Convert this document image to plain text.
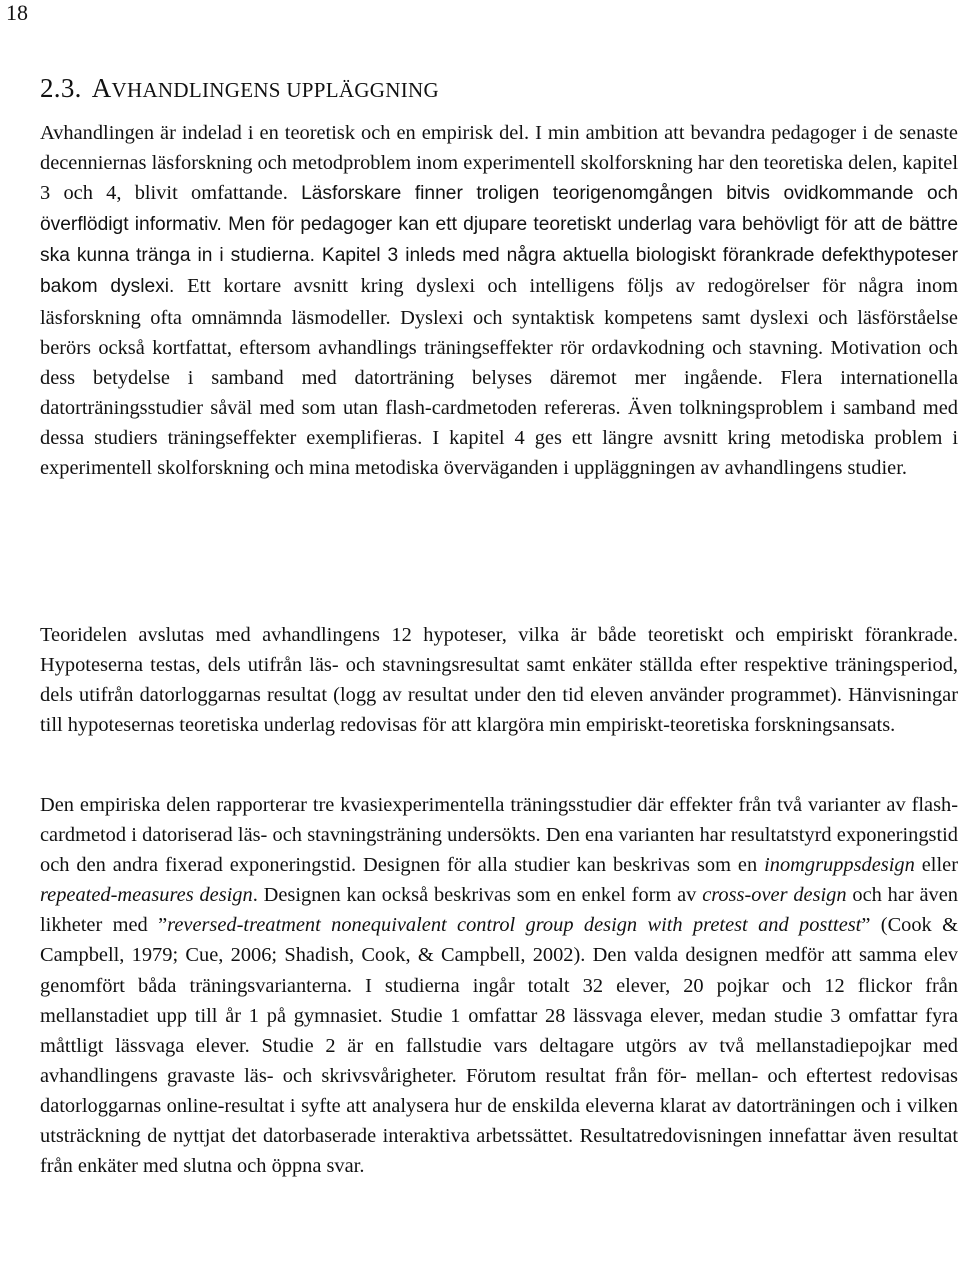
18
2.3. AVHANDLINGENS UPPLÄGGNING

Avhandlingen är indelad i en teoretisk och en empirisk del. I min ambition att bevandra pedagoger i de senaste decenniernas läsforskning och metodproblem inom experimentell skolforskning har den teoretiska delen, kapitel 3 och 4, blivit omfattande. Läsforskare finner troligen teorigenomgången bitvis ovidkommande och överflödigt informativ. Men för pedagoger kan ett djupare teoretiskt underlag vara behövligt för att de bättre ska kunna tränga in i studierna. Kapitel 3 inleds med några aktuella biologiskt förankrade defekthypoteser bakom dyslexi. Ett kortare avsnitt kring dyslexi och intelligens följs av redogörelser för några inom läsforskning ofta omnämnda läsmodeller. Dyslexi och syntaktisk kompetens samt dyslexi och läsförståelse berörs också kortfattat, eftersom avhandlings träningseffekter rör ordavkodning och stavning. Motivation och dess betydelse i samband med datorträning belyses däremot mer ingående. Flera internationella datorträningsstudier såväl med som utan flash-cardmetoden refereras. Även tolkningsproblem i samband med dessa studiers träningseffekter exemplifieras. I kapitel 4 ges ett längre avsnitt kring metodiska problem i experimentell skolforskning och mina metodiska överväganden i uppläggningen av avhandlingens studier.

Teoridelen avslutas med avhandlingens 12 hypoteser, vilka är både teoretiskt och empiriskt förankrade. Hypoteserna testas, dels utifrån läs- och stavningsresultat samt enkäter ställda efter respektive träningsperiod, dels utifrån datorloggarnas resultat (logg av resultat under den tid eleven använder programmet). Hänvisningar till hypotesernas teoretiska underlag redovisas för att klargöra min empiriskt-teoretiska forskningsansats.

Den empiriska delen rapporterar tre kvasiexperimentella träningsstudier där effekter från två varianter av flash-cardmetod i datoriserad läs- och stavningsträning undersökts. Den ena varianten har resultatstyrd exponeringstid och den andra fixerad exponeringstid. Designen för alla studier kan beskrivas som en inomgruppsdesign eller repeated-measures design. Designen kan också beskrivas som en enkel form av cross-over design och har även likheter med ”reversed-treatment nonequivalent control group design with pretest and posttest” (Cook & Campbell, 1979; Cue, 2006; Shadish, Cook, & Campbell, 2002). Den valda designen medför att samma elev genomfört båda träningsvarianterna. I studierna ingår totalt 32 elever, 20 pojkar och 12 flickor från mellanstadiet upp till år 1 på gymnasiet. Studie 1 omfattar 28 lässvaga elever, medan studie 3 omfattar fyra måttligt lässvaga elever. Studie 2 är en fallstudie vars deltagare utgörs av två mellanstadiepojkar med avhandlingens gravaste läs- och skrivsvårigheter. Förutom resultat från för- mellan- och eftertest redovisas datorloggarnas online-resultat i syfte att analysera hur de enskilda eleverna klarat av datorträningen och i vilken utsträckning de nyttjat det datorbaserade interaktiva arbetssättet. Resultatredovisningen innefattar även resultat från enkäter med slutna och öppna svar.
